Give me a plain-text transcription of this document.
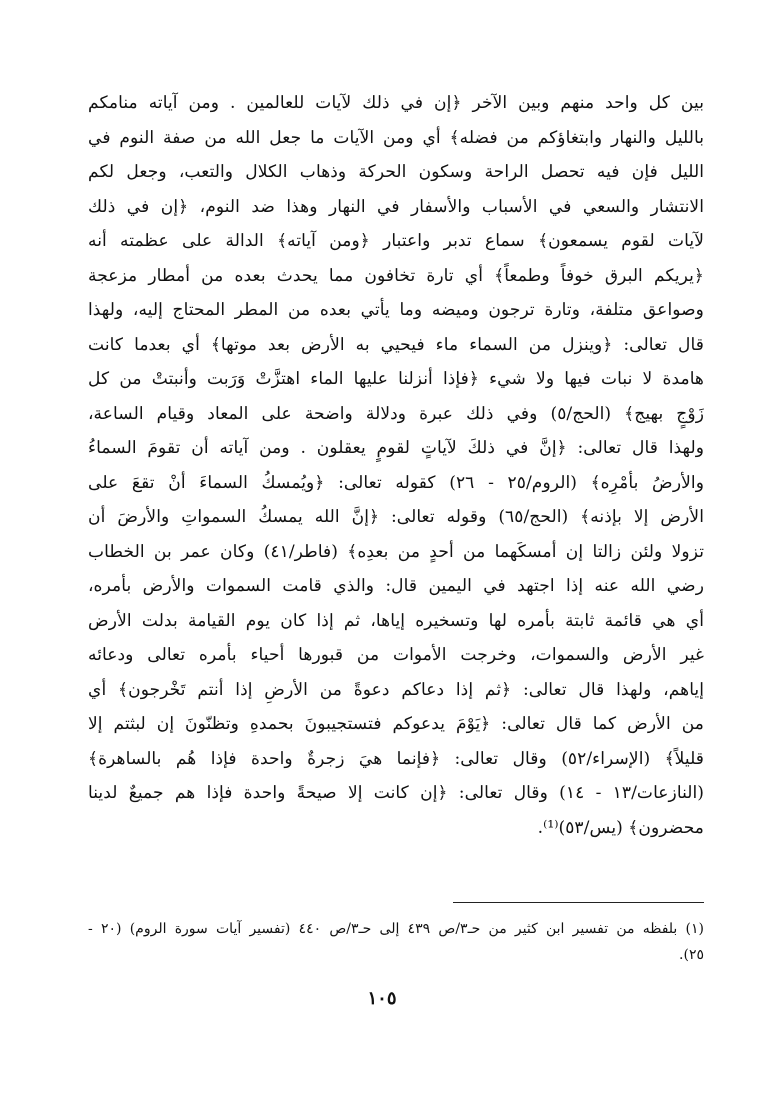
بين كل واحد منهم وبين الآخر ﴿إن في ذلك لآيات للعالمين . ومن آياته منامكم
بالليل والنهار وابتغاؤكم من فضله﴾ أي ومن الآيات ما جعل الله من صفة النوم في
الليل فإن فيه تحصل الراحة وسكون الحركة وذهاب الكلال والتعب، وجعل لكم
الانتشار والسعي في الأسباب والأسفار في النهار وهذا ضد النوم، ﴿إن في ذلك
لآيات لقوم يسمعون﴾ سماع تدبر واعتبار ﴿ومن آياته﴾ الدالة على عظمته أنه
﴿يريكم البرق خوفاً وطمعاً﴾ أي تارة تخافون مما يحدث بعده من أمطار مزعجة
وصواعق متلفة، وتارة ترجون وميضه وما يأتي بعده من المطر المحتاج إليه، ولهذا
قال تعالى: ﴿وينزل من السماء ماء فيحيي به الأرض بعد موتها﴾ أي بعدما كانت
هامدة لا نبات فيها ولا شيء ﴿فإذا أنزلنا عليها الماء اهتزَّتْ وَرَبت وأنبتتْ من كل
زَوْجٍ بهيج﴾ (الحج/٥) وفي ذلك عبرة ودلالة واضحة على المعاد وقيام الساعة،
ولهذا قال تعالى: ﴿إنَّ في ذلكَ لآياتٍ لقومٍ يعقلون . ومن آياته أن تقومَ السماءُ
والأرضُ بأمْرِه﴾ (الروم/٢٥ - ٢٦) كقوله تعالى: ﴿ويُمسكُ السماءَ أنْ تقعَ على
الأرض إلا بإذنه﴾ (الحج/٦٥) وقوله تعالى: ﴿إنَّ الله يمسكُ السمواتِ والأرضَ أن
تزولا ولئن زالتا إن أمسكَهما من أحدٍ من بعدِه﴾ (فاطر/٤١) وكان عمر بن الخطاب
رضي الله عنه إذا اجتهد في اليمين قال: والذي قامت السموات والأرض بأمره،
أي هي قائمة ثابتة بأمره لها وتسخيره إياها، ثم إذا كان يوم القيامة بدلت الأرض
غير الأرض والسموات، وخرجت الأموات من قبورها أحياء بأمره تعالى ودعائه
إياهم، ولهذا قال تعالى: ﴿ثم إذا دعاكم دعوةً من الأرضِ إذا أنتم تَخْرجون﴾ أي
من الأرض كما قال تعالى: ﴿يَوْمَ يدعوكم فتستجيبونَ بحمدهِ وتظنّونَ إن لبثتم إلا
قليلاً﴾ (الإسراء/٥٢) وقال تعالى: ﴿فإنما هيَ زجرةٌ واحدة فإذا هُم بالساهرة﴾
(النازعات/١٣ - ١٤) وقال تعالى: ﴿إن كانت إلا صيحةً واحدة فإذا هم جميعٌ لدينا
محضرون﴾ (يس/٥٣)⁽¹⁾.
(١) بلفظه من تفسير ابن كثير من حـ٣/ص ٤٣٩ إلى حـ٣/ص ٤٤٠ (تفسير آيات سورة الروم) (٢٠ -
٢٥).
١٠٥
